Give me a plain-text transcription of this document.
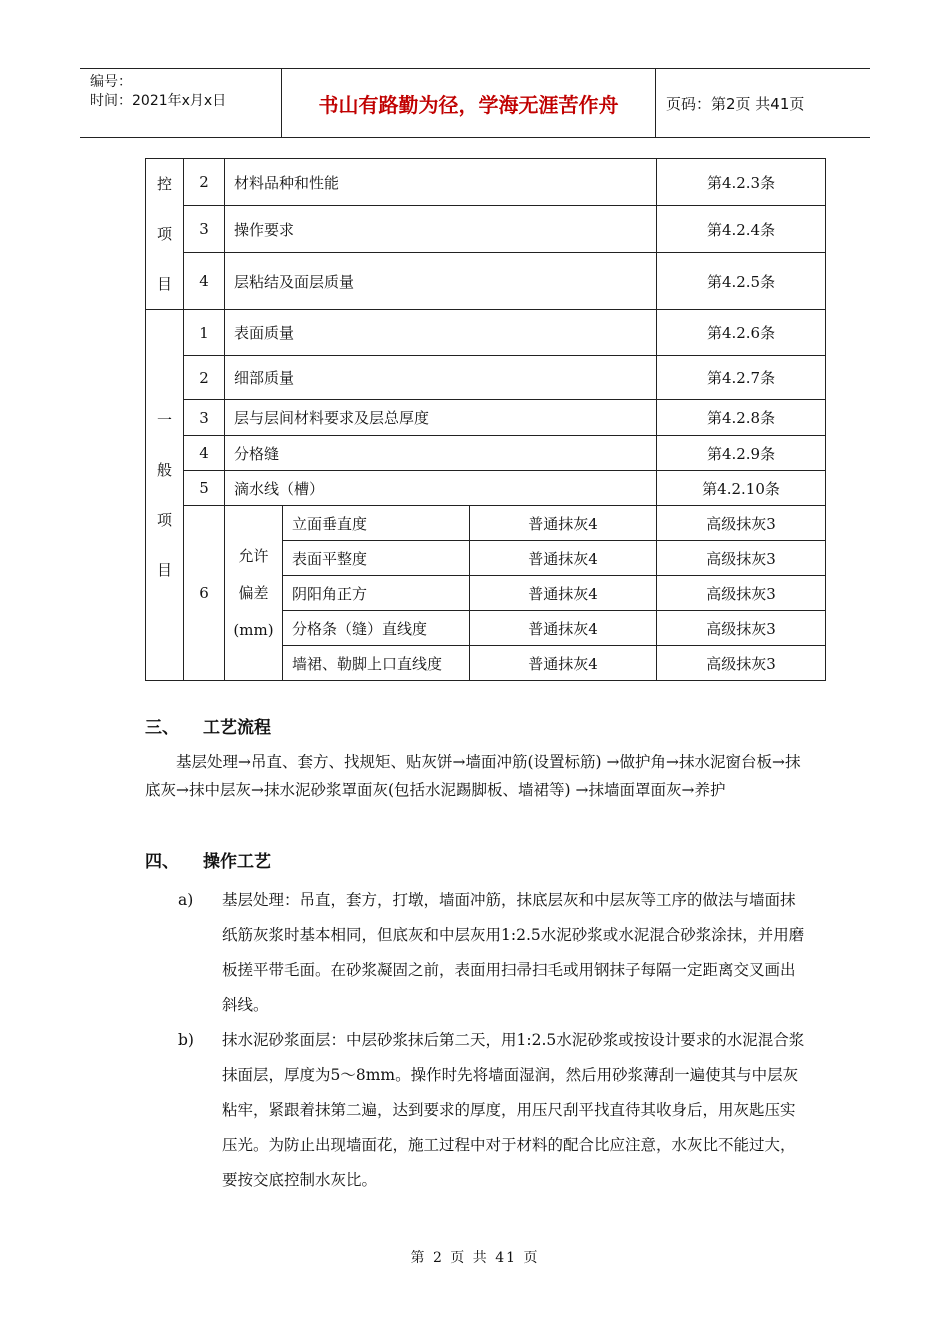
编号：
时间：2021年x月x日	书山有路勤为径，学海无涯苦作舟	页码：第2页 共41页
控
项
目	2	材料品种和性能			第4.2.3条
	3	操作要求			第4.2.4条
	4	层粘结及面层质量			第4.2.5条

一
般
项
目	1	表面质量			第4.2.6条
	2	细部质量			第4.2.7条
	3	层与层间材料要求及层总厚度			第4.2.8条
	4	分格缝			第4.2.9条
	5	滴水线（槽）			第4.2.10条
	6	允许
偏差
(mm)	立面垂直度	普通抹灰4	高级抹灰3
			表面平整度	普通抹灰4	高级抹灰3
			阴阳角正方	普通抹灰4	高级抹灰3
			分格条（缝）直线度	普通抹灰4	高级抹灰3
			墙裙、勒脚上口直线度	普通抹灰4	高级抹灰3
三、 工艺流程
基层处理→吊直、套方、找规矩、贴灰饼→墙面冲筋(设置标筋) →做护角→抹水泥窗台板→抹底灰→抹中层灰→抹水泥砂浆罩面灰(包括水泥踢脚板、墙裙等) →抹墙面罩面灰→养护
四、 操作工艺
a) 基层处理：吊直，套方，打墩，墙面冲筋，抹底层灰和中层灰等工序的做法与墙面抹纸筋灰浆时基本相同，但底灰和中层灰用1:2.5水泥砂浆或水泥混合砂浆涂抹，并用磨板搓平带毛面。在砂浆凝固之前，表面用扫帚扫毛或用钢抹子每隔一定距离交叉画出斜线。
b) 抹水泥砂浆面层：中层砂浆抹后第二天，用1:2.5水泥砂浆或按设计要求的水泥混合浆抹面层，厚度为5～8mm。操作时先将墙面湿润，然后用砂浆薄刮一遍使其与中层灰粘牢，紧跟着抹第二遍，达到要求的厚度，用压尺刮平找直待其收身后，用灰匙压实压光。为防止出现墙面花，施工过程中对于材料的配合比应注意，水灰比不能过大，要按交底控制水灰比。
第 2 页 共 41 页
